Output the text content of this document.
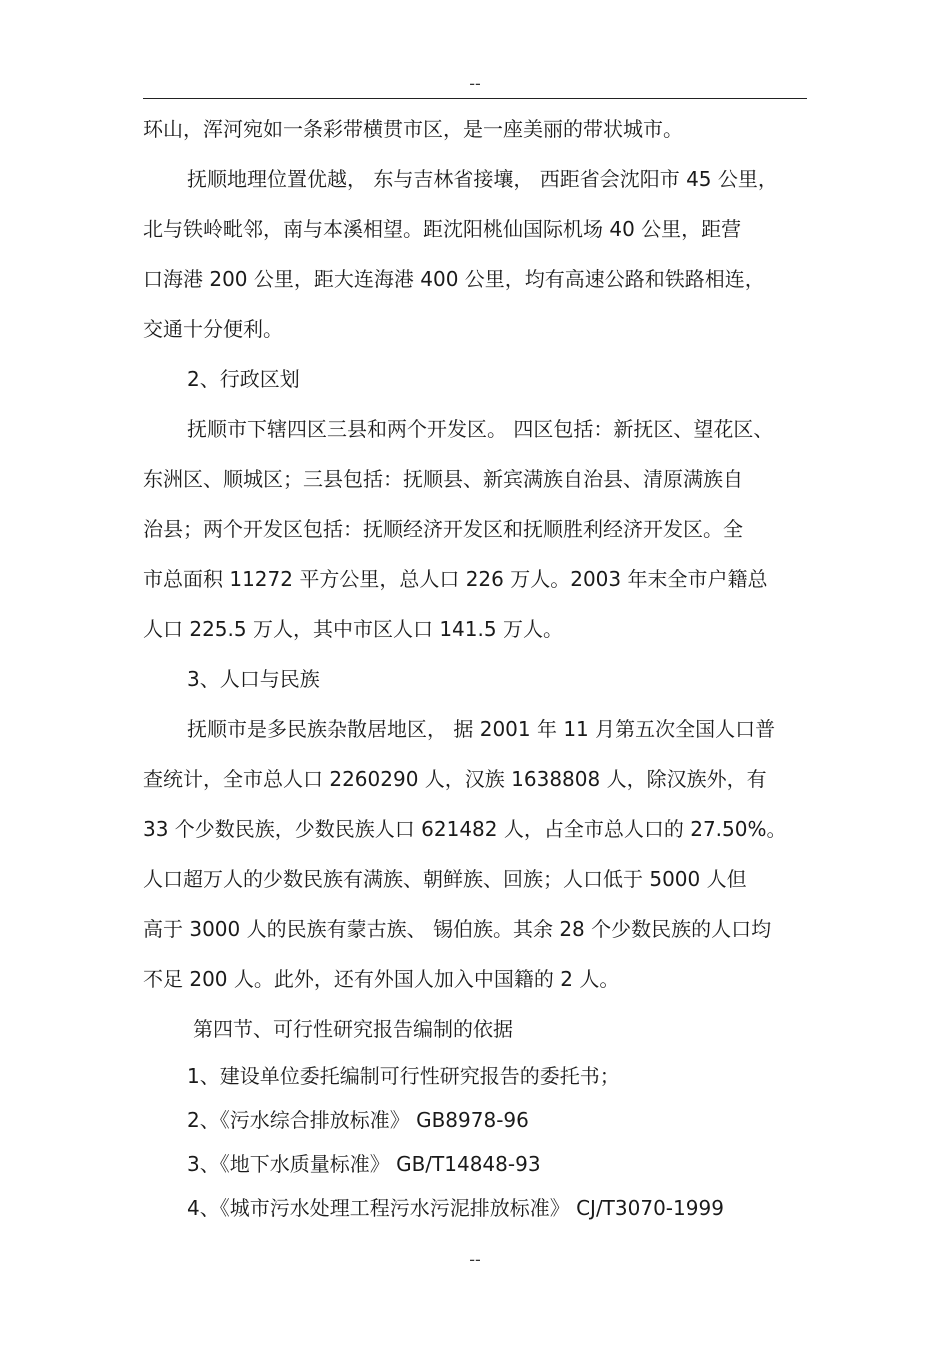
--
环山，浑河宛如一条彩带横贯市区，是一座美丽的带状城市。
抚顺地理位置优越， 东与吉林省接壤， 西距省会沈阳市 45 公里，
北与铁岭毗邻，南与本溪相望。距沈阳桃仙国际机场 40 公里，距营
口海港 200 公里，距大连海港 400 公里，均有高速公路和铁路相连，
交通十分便利。
2、行政区划
抚顺市下辖四区三县和两个开发区。 四区包括：新抚区、望花区、
东洲区、顺城区；三县包括：抚顺县、新宾满族自治县、清原满族自
治县；两个开发区包括：抚顺经济开发区和抚顺胜利经济开发区。全
市总面积 11272 平方公里，总人口 226 万人。2003 年末全市户籍总
人口 225.5 万人，其中市区人口 141.5 万人。
3、人口与民族
抚顺市是多民族杂散居地区， 据 2001 年 11 月第五次全国人口普
查统计，全市总人口 2260290 人，汉族 1638808 人，除汉族外，有
33 个少数民族，少数民族人口 621482 人，占全市总人口的 27.50%。
人口超万人的少数民族有满族、朝鲜族、回族；人口低于 5000 人但
高于 3000 人的民族有蒙古族、 锡伯族。其余 28 个少数民族的人口均
不足 200 人。此外，还有外国人加入中国籍的 2 人。
第四节、可行性研究报告编制的依据
1、建设单位委托编制可行性研究报告的委托书；
2、《污水综合排放标准》 GB8978-96
3、《地下水质量标准》 GB/T14848-93
4、《城市污水处理工程污水污泥排放标准》 CJ/T3070-1999
--
